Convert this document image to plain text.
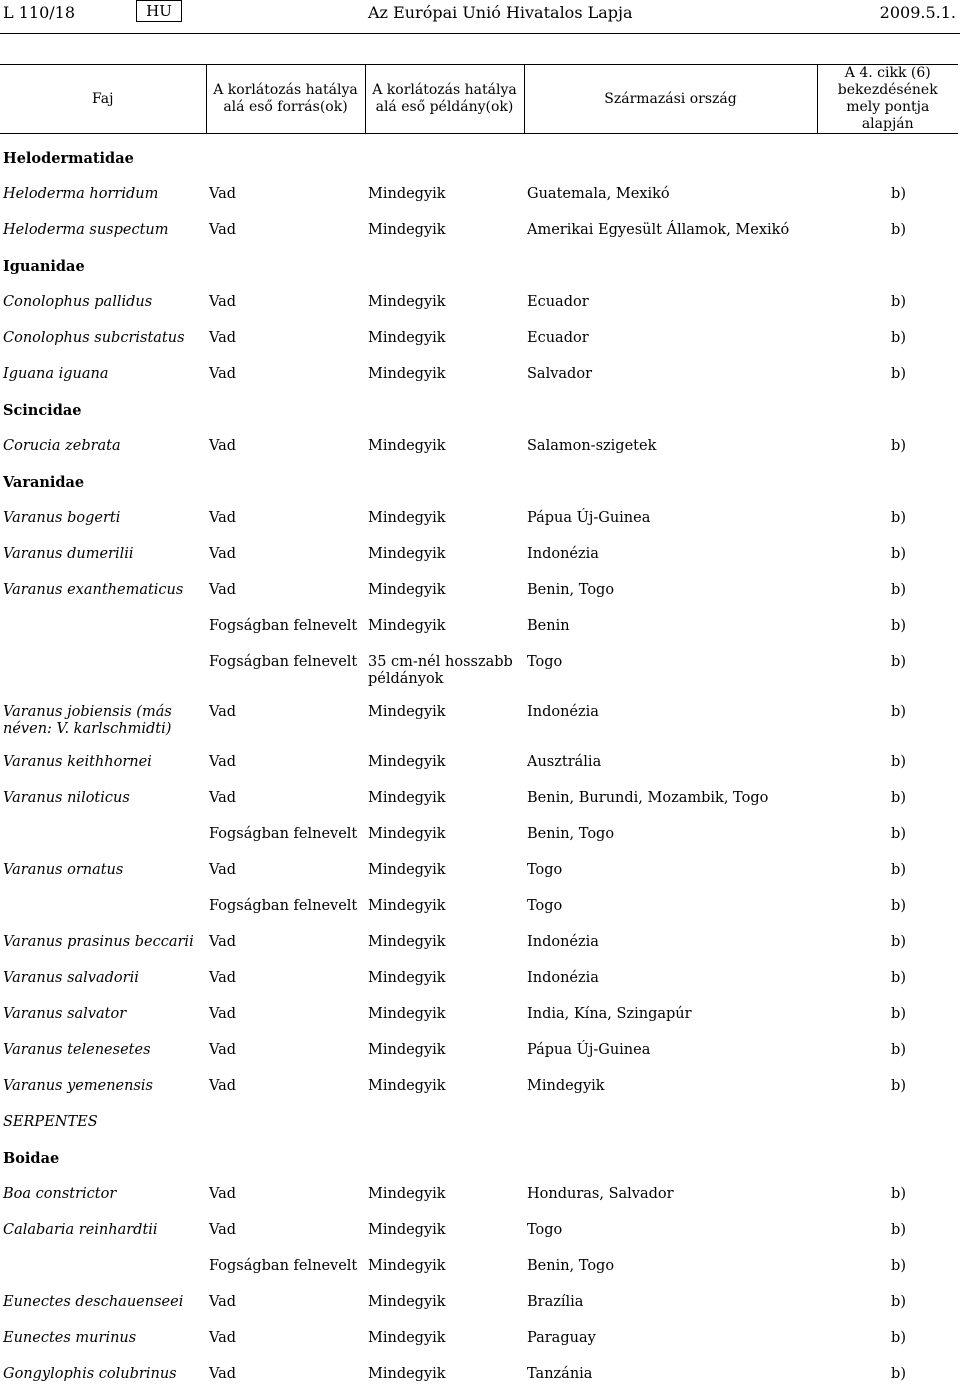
L 110/18	HU	Az Európai Unió Hivatalos Lapja	2009.5.1.
Faj	A korlátozás hatálya alá eső forrás(ok)	A korlátozás hatálya alá eső példány(ok)	Származási ország	A 4. cikk (6) bekezdésének mely pontja alapján

Helodermatidae				

Heloderma horridum	Vad	Mindegyik	Guatemala, Mexikó	b)

Heloderma suspectum	Vad	Mindegyik	Amerikai Egyesült Államok, Mexikó	b)

Iguanidae				

Conolophus pallidus	Vad	Mindegyik	Ecuador	b)

Conolophus subcristatus	Vad	Mindegyik	Ecuador	b)

Iguana iguana	Vad	Mindegyik	Salvador	b)

Scincidae				

Corucia zebrata	Vad	Mindegyik	Salamon-szigetek	b)

Varanidae				

Varanus bogerti	Vad	Mindegyik	Pápua Új-Guinea	b)

Varanus dumerilii	Vad	Mindegyik	Indonézia	b)

Varanus exanthematicus	Vad	Mindegyik	Benin, Togo	b)

	Fogságban felnevelt	Mindegyik	Benin	b)

	Fogságban felnevelt	35 cm-nél hosszabb példányok	Togo	b)

Varanus jobiensis (más néven: V. karlschmidti)	Vad	Mindegyik	Indonézia	b)

Varanus keithhornei	Vad	Mindegyik	Ausztrália	b)

Varanus niloticus	Vad	Mindegyik	Benin, Burundi, Mozambik, Togo	b)

	Fogságban felnevelt	Mindegyik	Benin, Togo	b)

Varanus ornatus	Vad	Mindegyik	Togo	b)

	Fogságban felnevelt	Mindegyik	Togo	b)

Varanus prasinus beccarii	Vad	Mindegyik	Indonézia	b)

Varanus salvadorii	Vad	Mindegyik	Indonézia	b)

Varanus salvator	Vad	Mindegyik	India, Kína, Szingapúr	b)

Varanus telenesetes	Vad	Mindegyik	Pápua Új-Guinea	b)

Varanus yemenensis	Vad	Mindegyik	Mindegyik	b)

SERPENTES				

Boidae				

Boa constrictor	Vad	Mindegyik	Honduras, Salvador	b)

Calabaria reinhardtii	Vad	Mindegyik	Togo	b)

	Fogságban felnevelt	Mindegyik	Benin, Togo	b)

Eunectes deschauenseei	Vad	Mindegyik	Brazília	b)

Eunectes murinus	Vad	Mindegyik	Paraguay	b)

Gongylophis colubrinus	Vad	Mindegyik	Tanzánia	b)
